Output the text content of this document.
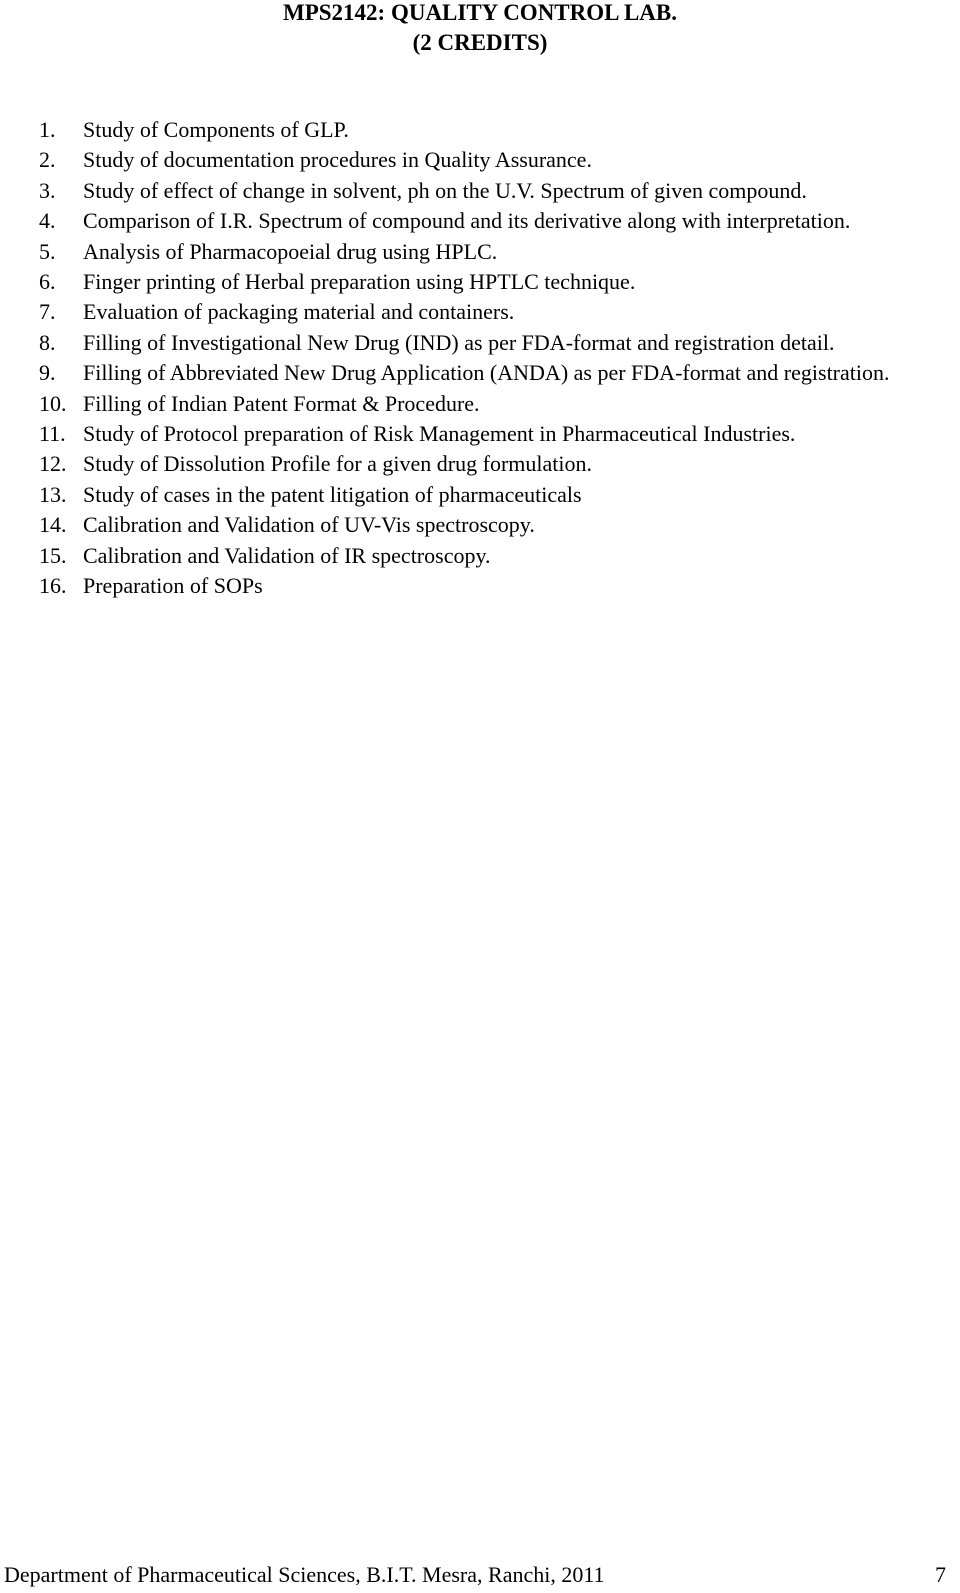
MPS2142: QUALITY CONTROL LAB.
(2 CREDITS)
1. Study of Components of GLP.
2. Study of documentation procedures in Quality Assurance.
3. Study of effect of change in solvent, ph on the U.V. Spectrum of given compound.
4. Comparison of I.R. Spectrum of compound and its derivative along with interpretation.
5. Analysis of Pharmacopoeial drug using HPLC.
6. Finger printing of Herbal preparation using HPTLC technique.
7. Evaluation of packaging material and containers.
8. Filling of Investigational New Drug (IND) as per FDA-format and registration detail.
9. Filling of Abbreviated New Drug Application (ANDA) as per FDA-format and registration.
10. Filling of Indian Patent Format & Procedure.
11. Study of Protocol preparation of Risk Management in Pharmaceutical Industries.
12. Study of Dissolution Profile for a given drug formulation.
13. Study of cases in the patent litigation of pharmaceuticals
14. Calibration and Validation of UV-Vis spectroscopy.
15. Calibration and Validation of IR spectroscopy.
16. Preparation of SOPs
Department of Pharmaceutical Sciences, B.I.T. Mesra, Ranchi, 2011	7
